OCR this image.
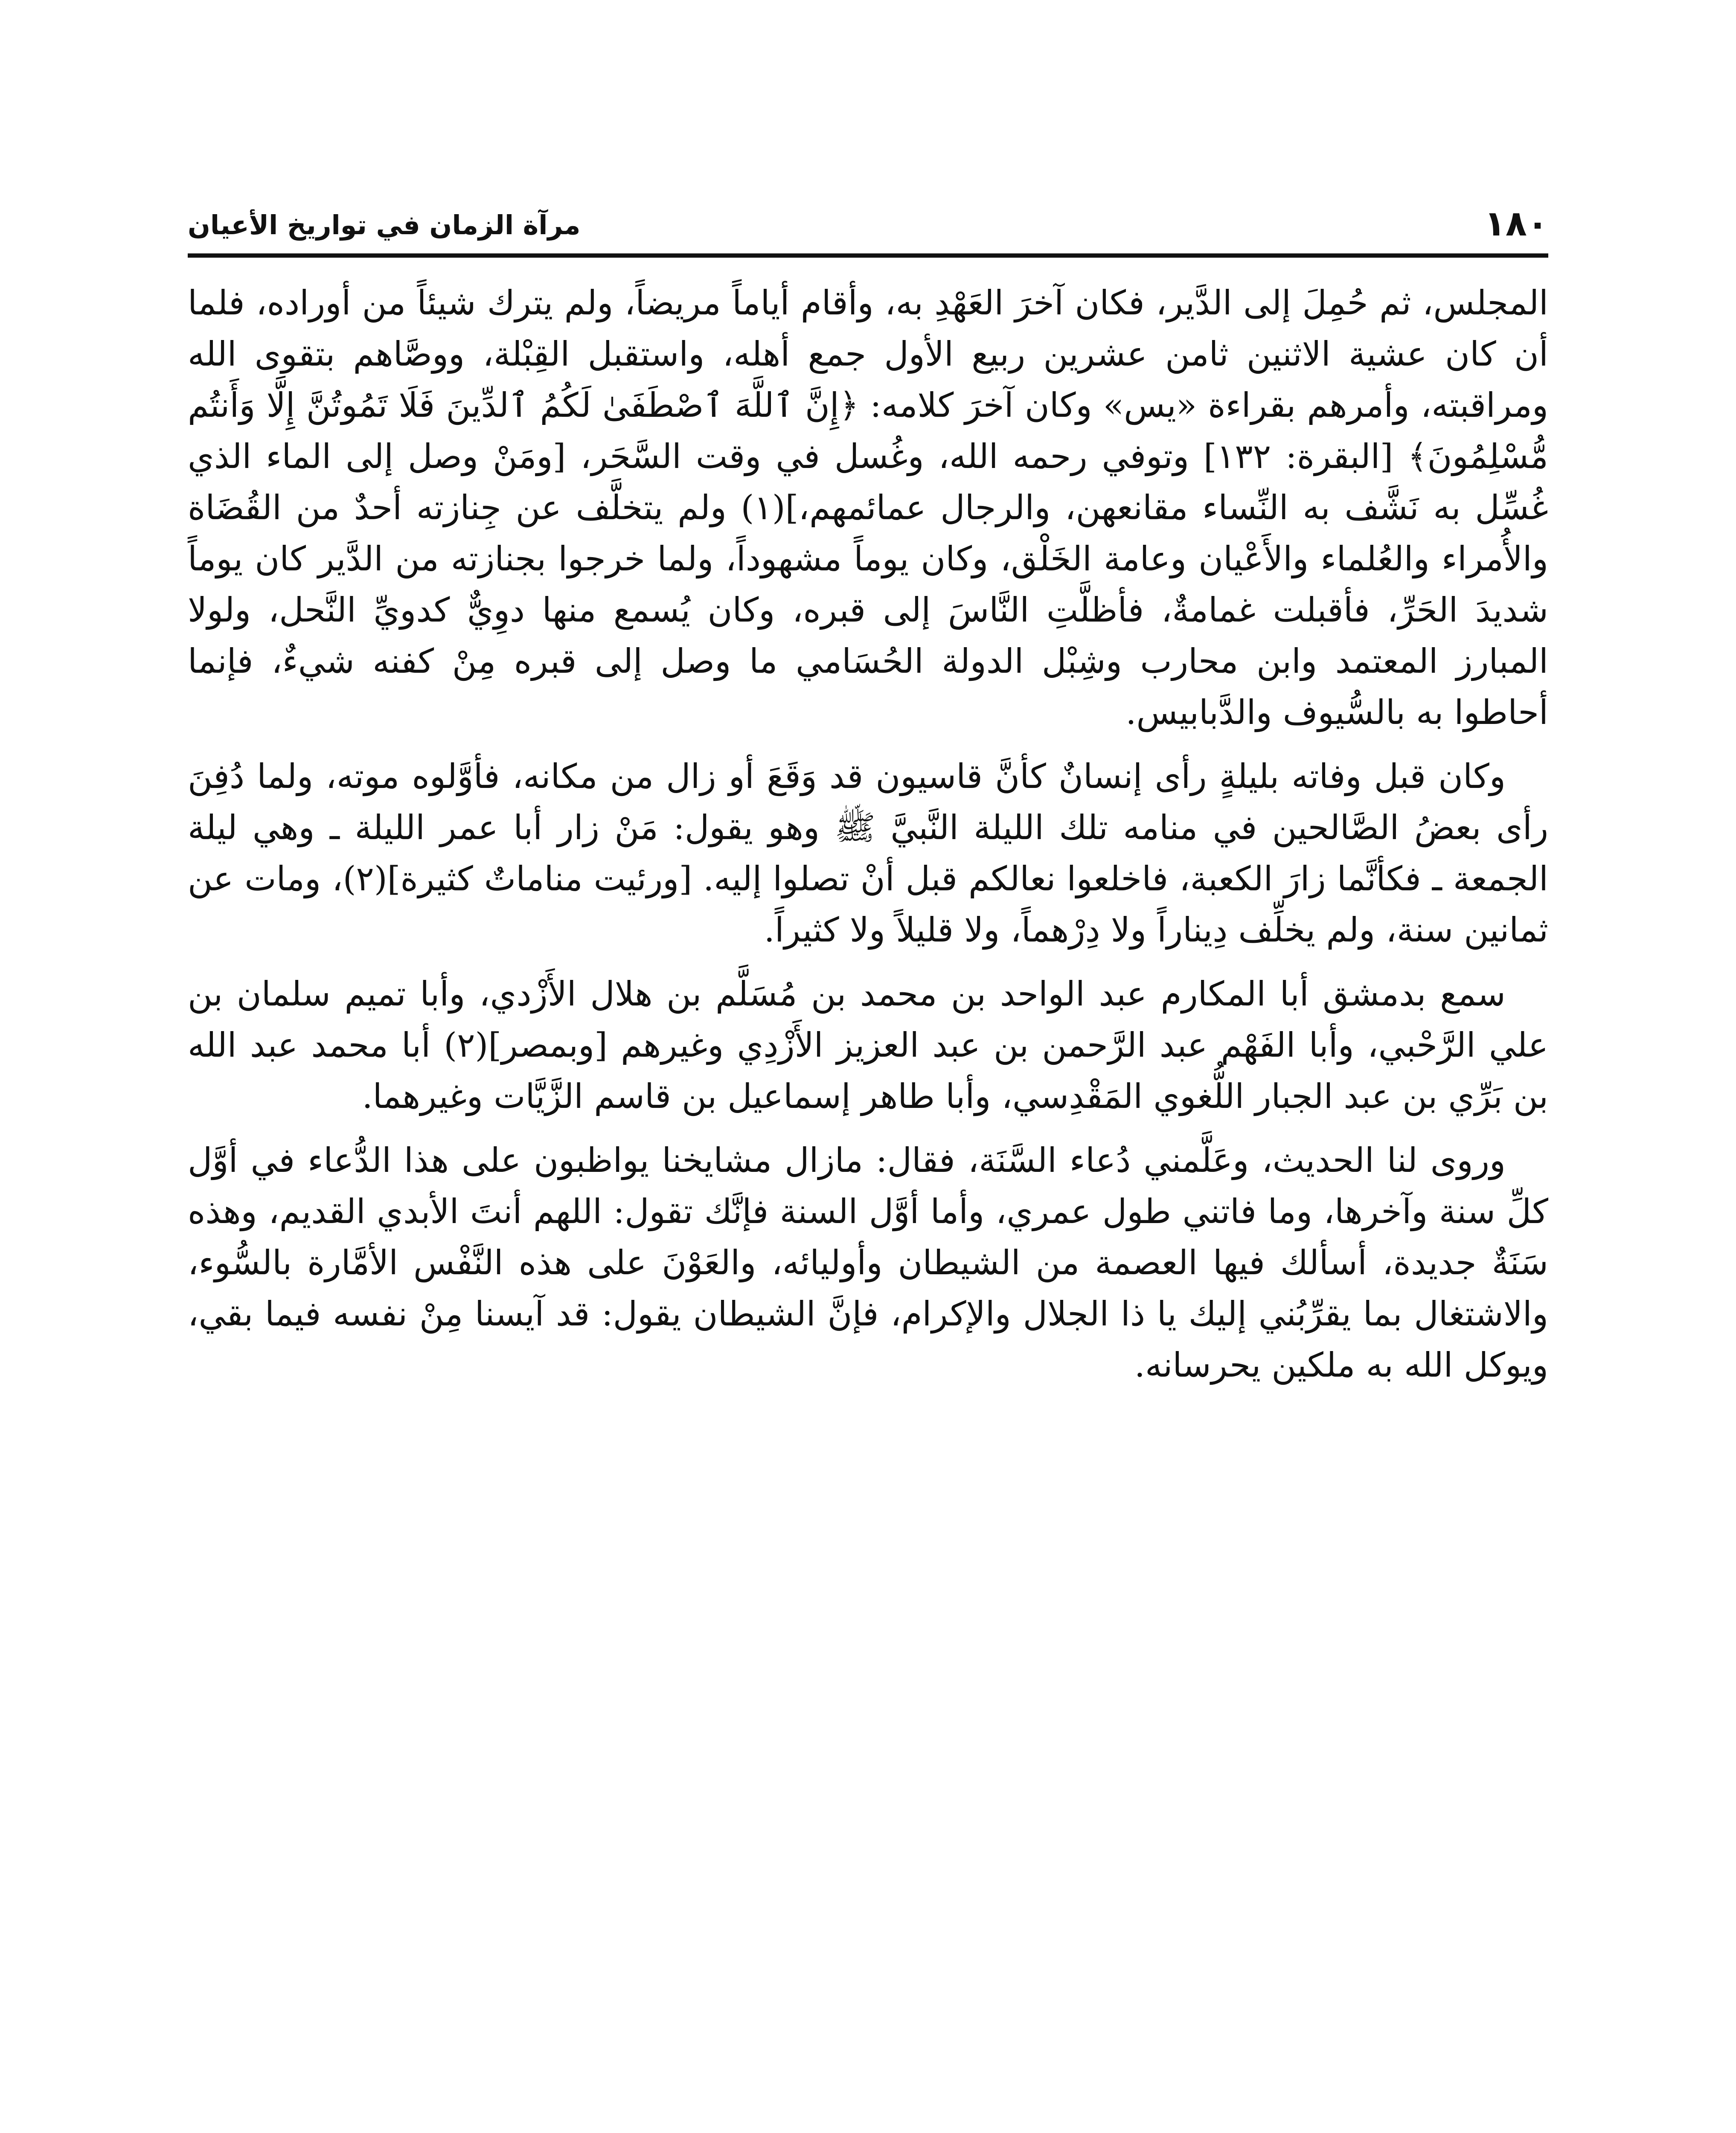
١٨٠
مرآة الزمان في تواريخ الأعيان

المجلس، ثم حُمِلَ إلى الدَّير، فكان آخرَ العَهْدِ به، وأقام أياماً مريضاً، ولم يترك شيئاً من أوراده، فلما أن كان عشية الاثنين ثامن عشرين ربيع الأول جمع أهله، واستقبل القِبْلة، ووصَّاهم بتقوى الله ومراقبته، وأمرهم بقراءة «يس» وكان آخرَ كلامه: ﴿إِنَّ ٱللَّهَ ٱصْطَفَىٰ لَكُمُ ٱلدِّينَ فَلَا تَمُوتُنَّ إِلَّا وَأَنتُم مُّسْلِمُونَ﴾ [البقرة: ١٣٢] وتوفي رحمه الله، وغُسل في وقت السَّحَر، [ومَنْ وصل إلى الماء الذي غُسِّل به نَشَّف به النِّساء مقانعهن، والرجال عمائمهم،](١) ولم يتخلَّف عن جِنازته أحدٌ من القُضَاة والأُمراء والعُلماء والأَعْيان وعامة الخَلْق، وكان يوماً مشهوداً، ولما خرجوا بجنازته من الدَّير كان يوماً شديدَ الحَرِّ، فأقبلت غمامةٌ، فأظلَّتِ النَّاسَ إلى قبره، وكان يُسمع منها دوِيٌّ كدويِّ النَّحل، ولولا المبارز المعتمد وابن محارب وشِبْل الدولة الحُسَامي ما وصل إلى قبره مِنْ كفنه شيءٌ، فإنما أحاطوا به بالسُّيوف والدَّبابيس.

وكان قبل وفاته بليلةٍ رأى إنسانٌ كأنَّ قاسيون قد وَقَعَ أو زال من مكانه، فأوَّلوه موته، ولما دُفِنَ رأى بعضُ الصَّالحين في منامه تلك الليلة النَّبيَّ ﷺ وهو يقول: مَنْ زار أبا عمر الليلة ـ وهي ليلة الجمعة ـ فكأنَّما زارَ الكعبة، فاخلعوا نعالكم قبل أنْ تصلوا إليه. [ورئيت مناماتٌ كثيرة](٢)، ومات عن ثمانين سنة، ولم يخلِّف دِيناراً ولا دِرْهماً، ولا قليلاً ولا كثيراً.

سمع بدمشق أبا المكارم عبد الواحد بن محمد بن مُسَلَّم بن هلال الأَزْدي، وأبا تميم سلمان بن علي الرَّحْبي، وأبا الفَهْم عبد الرَّحمن بن عبد العزيز الأَزْدِي وغيرهم [وبمصر](٢) أبا محمد عبد الله بن بَرِّي بن عبد الجبار اللُّغوي المَقْدِسي، وأبا طاهر إسماعيل بن قاسم الزَّيَّات وغيرهما.

وروى لنا الحديث، وعَلَّمني دُعاء السَّنَة، فقال: مازال مشايخنا يواظبون على هذا الدُّعاء في أوَّل كلِّ سنة وآخرها، وما فاتني طول عمري، وأما أوَّل السنة فإنَّك تقول: اللهم أنتَ الأبدي القديم، وهذه سَنَةٌ جديدة، أسألك فيها العصمة من الشيطان وأوليائه، والعَوْنَ على هذه النَّفْس الأمَّارة بالسُّوء، والاشتغال بما يقرِّبُني إليك يا ذا الجلال والإكرام، فإنَّ الشيطان يقول: قد آيسنا مِنْ نفسه فيما بقي، ويوكل الله به ملكين يحرسانه.
